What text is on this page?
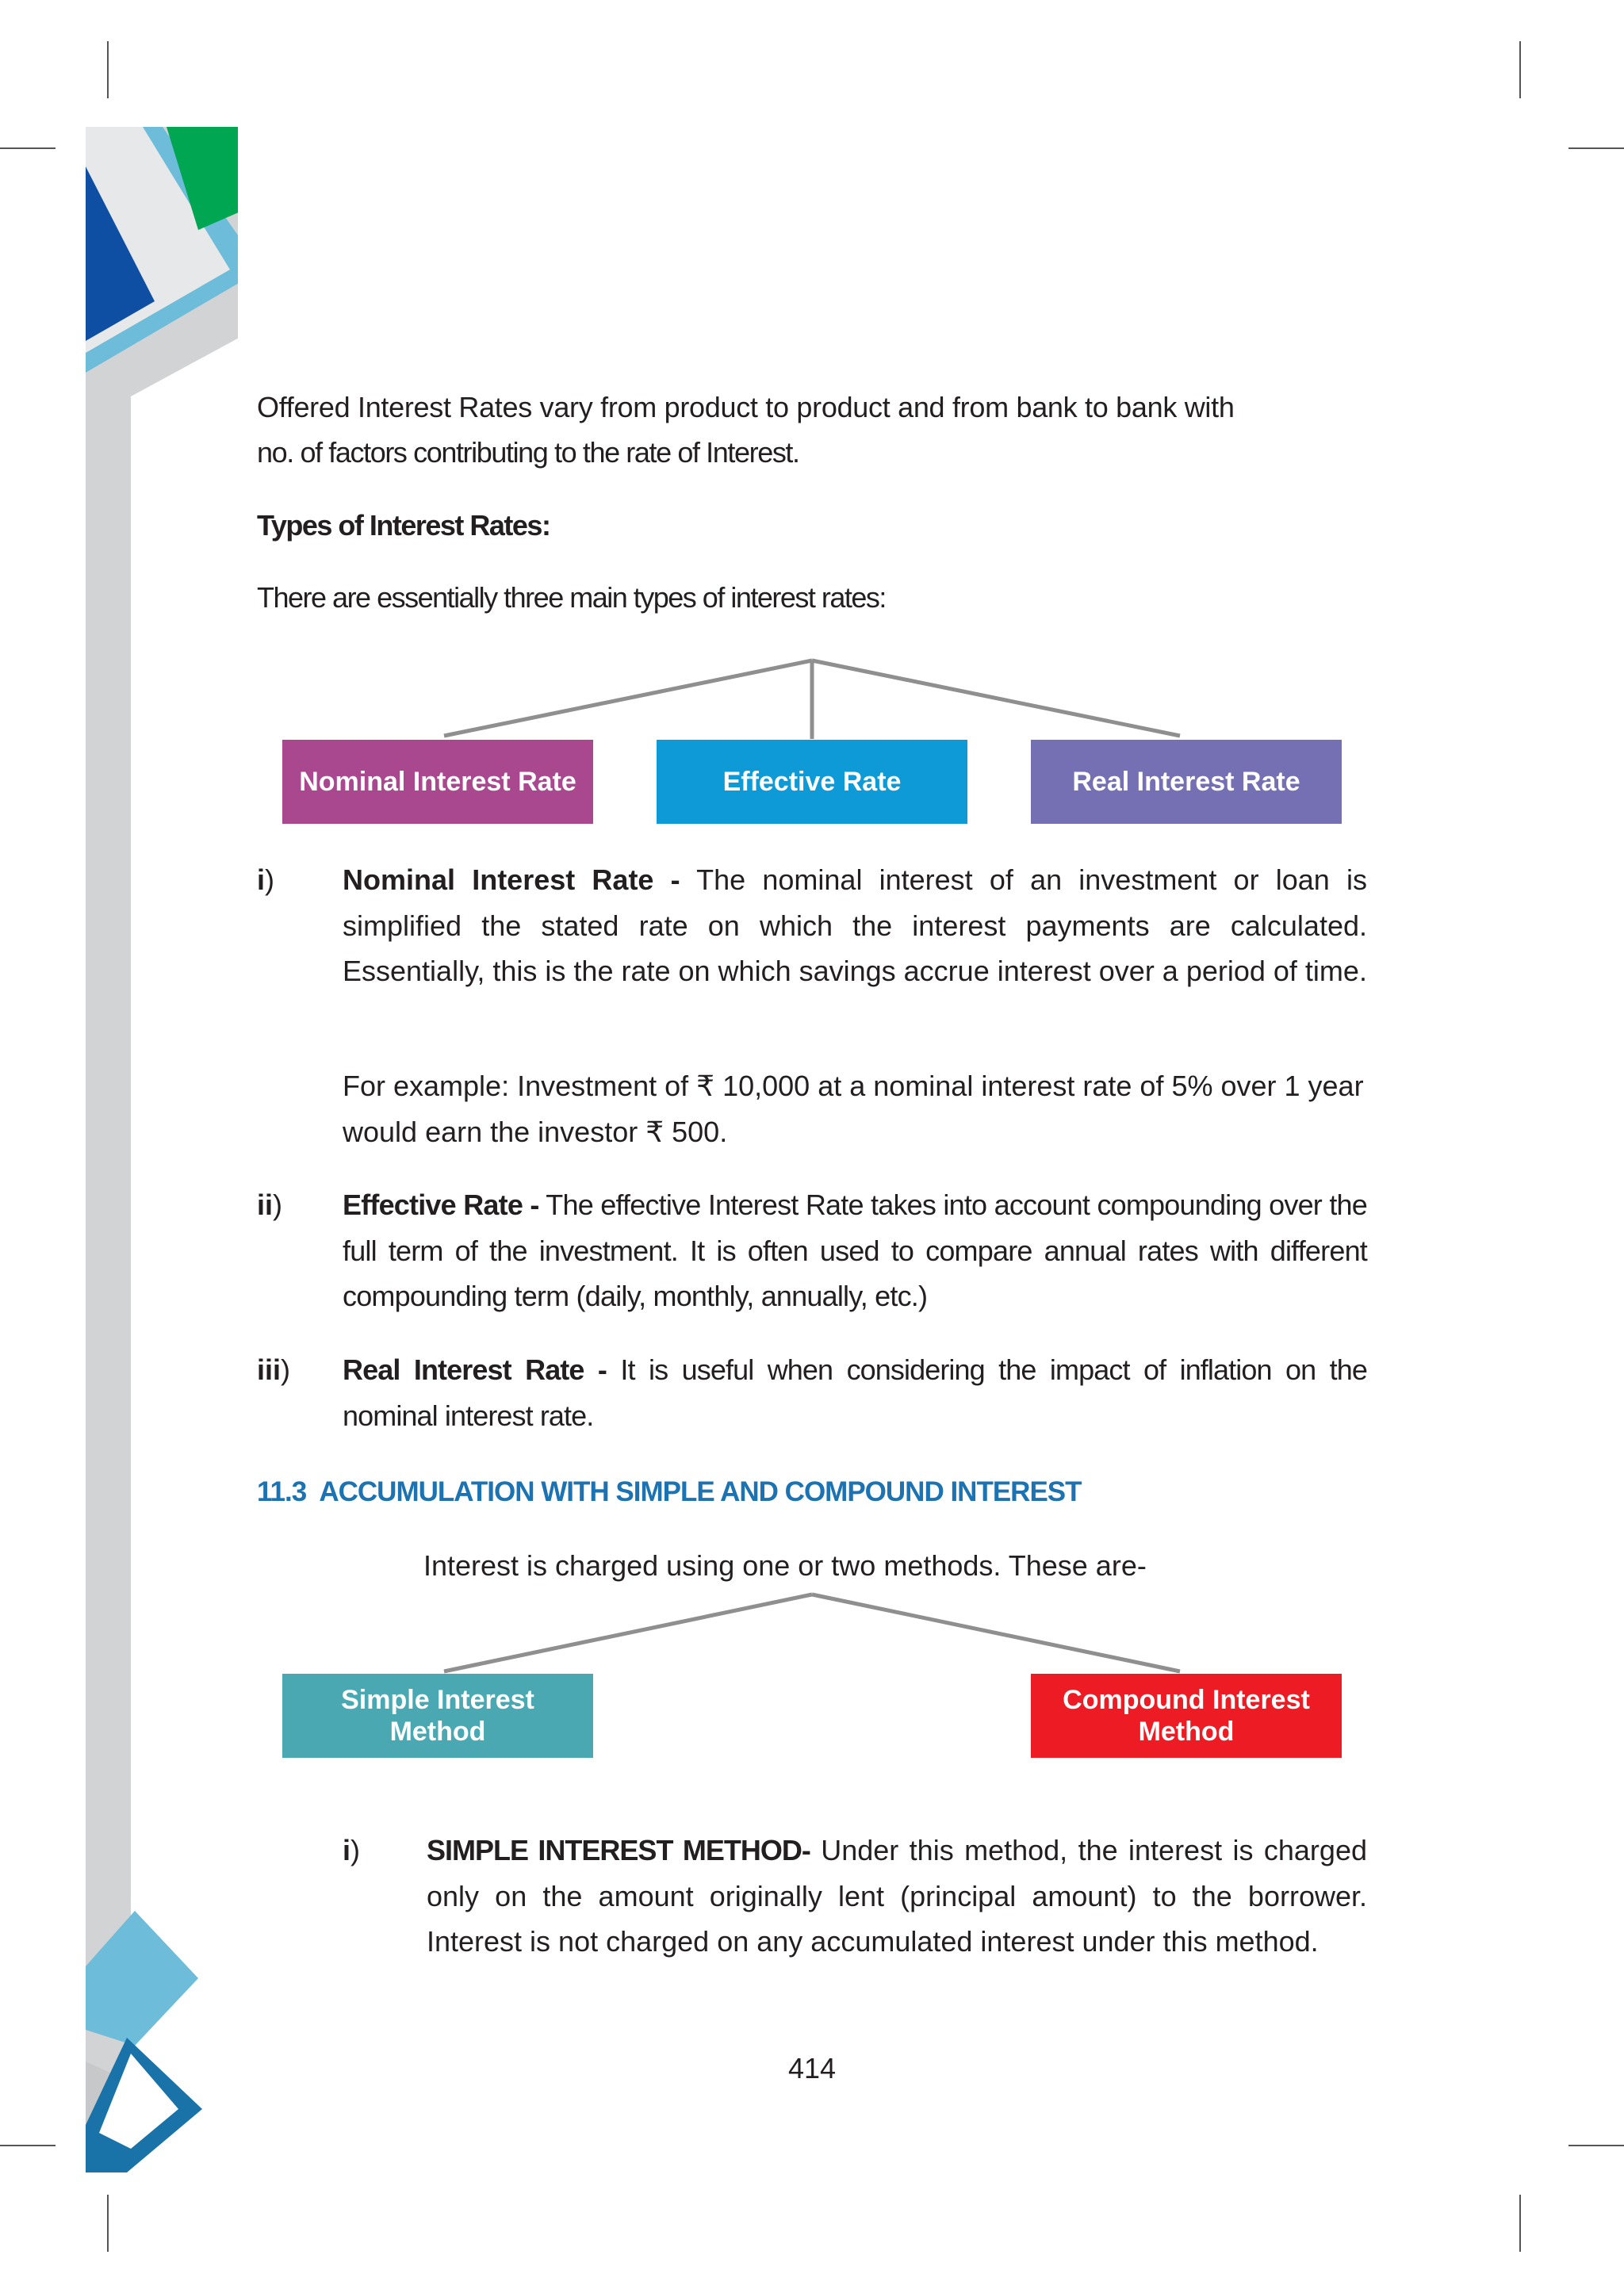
Offered Interest Rates vary from product to product and from bank to bank with
no. of factors contributing to the rate of Interest.
Types of Interest Rates:
There are essentially three main types of interest rates:
Nominal Interest Rate	Effective Rate	Real Interest Rate
i) Nominal Interest Rate - The nominal interest of an investment or loan is simplified the stated rate on which the interest payments are calculated. Essentially, this is the rate on which savings accrue interest over a period of time.

For example: Investment of ₹ 10,000 at a nominal interest rate of 5% over 1 year would earn the investor ₹ 500.

ii) Effective Rate - The effective Interest Rate takes into account compounding over the full term of the investment. It is often used to compare annual rates with different compounding term (daily, monthly, annually, etc.)

iii) Real Interest Rate - It is useful when considering the impact of inflation on the nominal interest rate.

11.3  ACCUMULATION WITH SIMPLE AND COMPOUND INTEREST
Interest is charged using one or two methods. These are-
Simple Interest Method
Compound Interest Method
i) SIMPLE INTEREST METHOD- Under this method, the interest is charged only on the amount originally lent (principal amount) to the borrower. Interest is not charged on any accumulated interest under this method.

414
